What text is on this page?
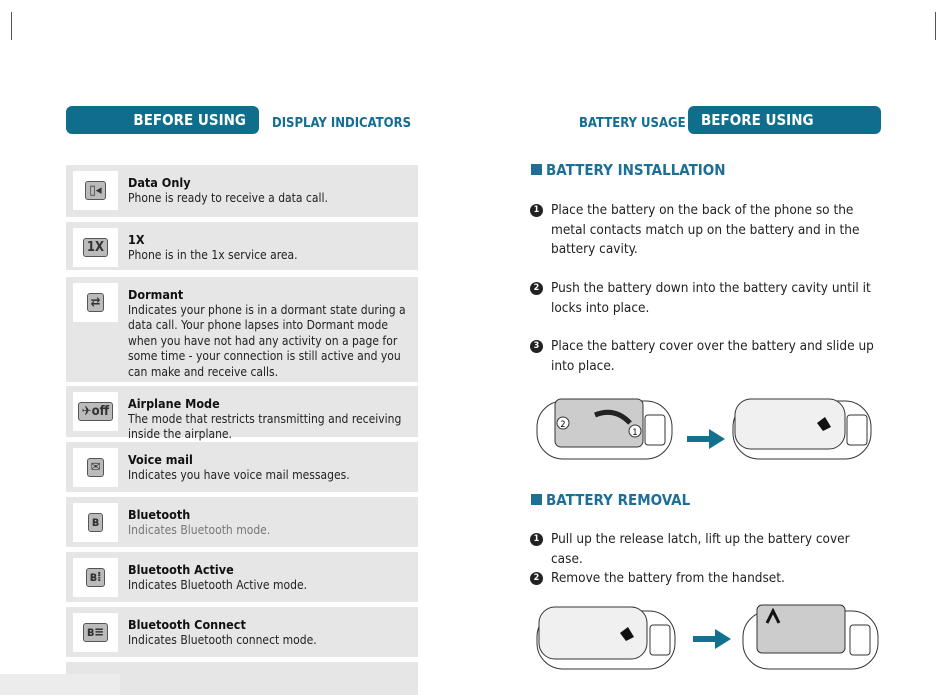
BEFORE USING	DISPLAY INDICATORS
▯◂
Data Only
Phone is ready to receive a data call.
1X
1X
Phone is in the 1x service area.
⇄
Dormant
Indicates your phone is in a dormant state during a data call. Your phone lapses into Dormant mode when you have not had any activity on a page for some time - your connection is still active and you can make and receive calls.
✈off
Airplane Mode
The mode that restricts transmitting and receiving inside the airplane.
✉
Voice mail
Indicates you have voice mail messages.
ʙ
Bluetooth
Indicates Bluetooth mode.
ʙ⁞
Bluetooth Active
Indicates Bluetooth Active mode.
ʙ≡
Bluetooth Connect
Indicates Bluetooth connect mode.
BATTERY USAGE	BEFORE USING
BATTERY INSTALLATION
1 Place the battery on the back of the phone so the metal contacts match up on the battery and in the battery cavity.
2 Push the battery down into the battery cavity until it locks into place.
3 Place the battery cover over the battery and slide up into place.
2
1
BATTERY REMOVAL
1 Pull up the release latch, lift up the battery cover case.
2 Remove the battery from the handset.
